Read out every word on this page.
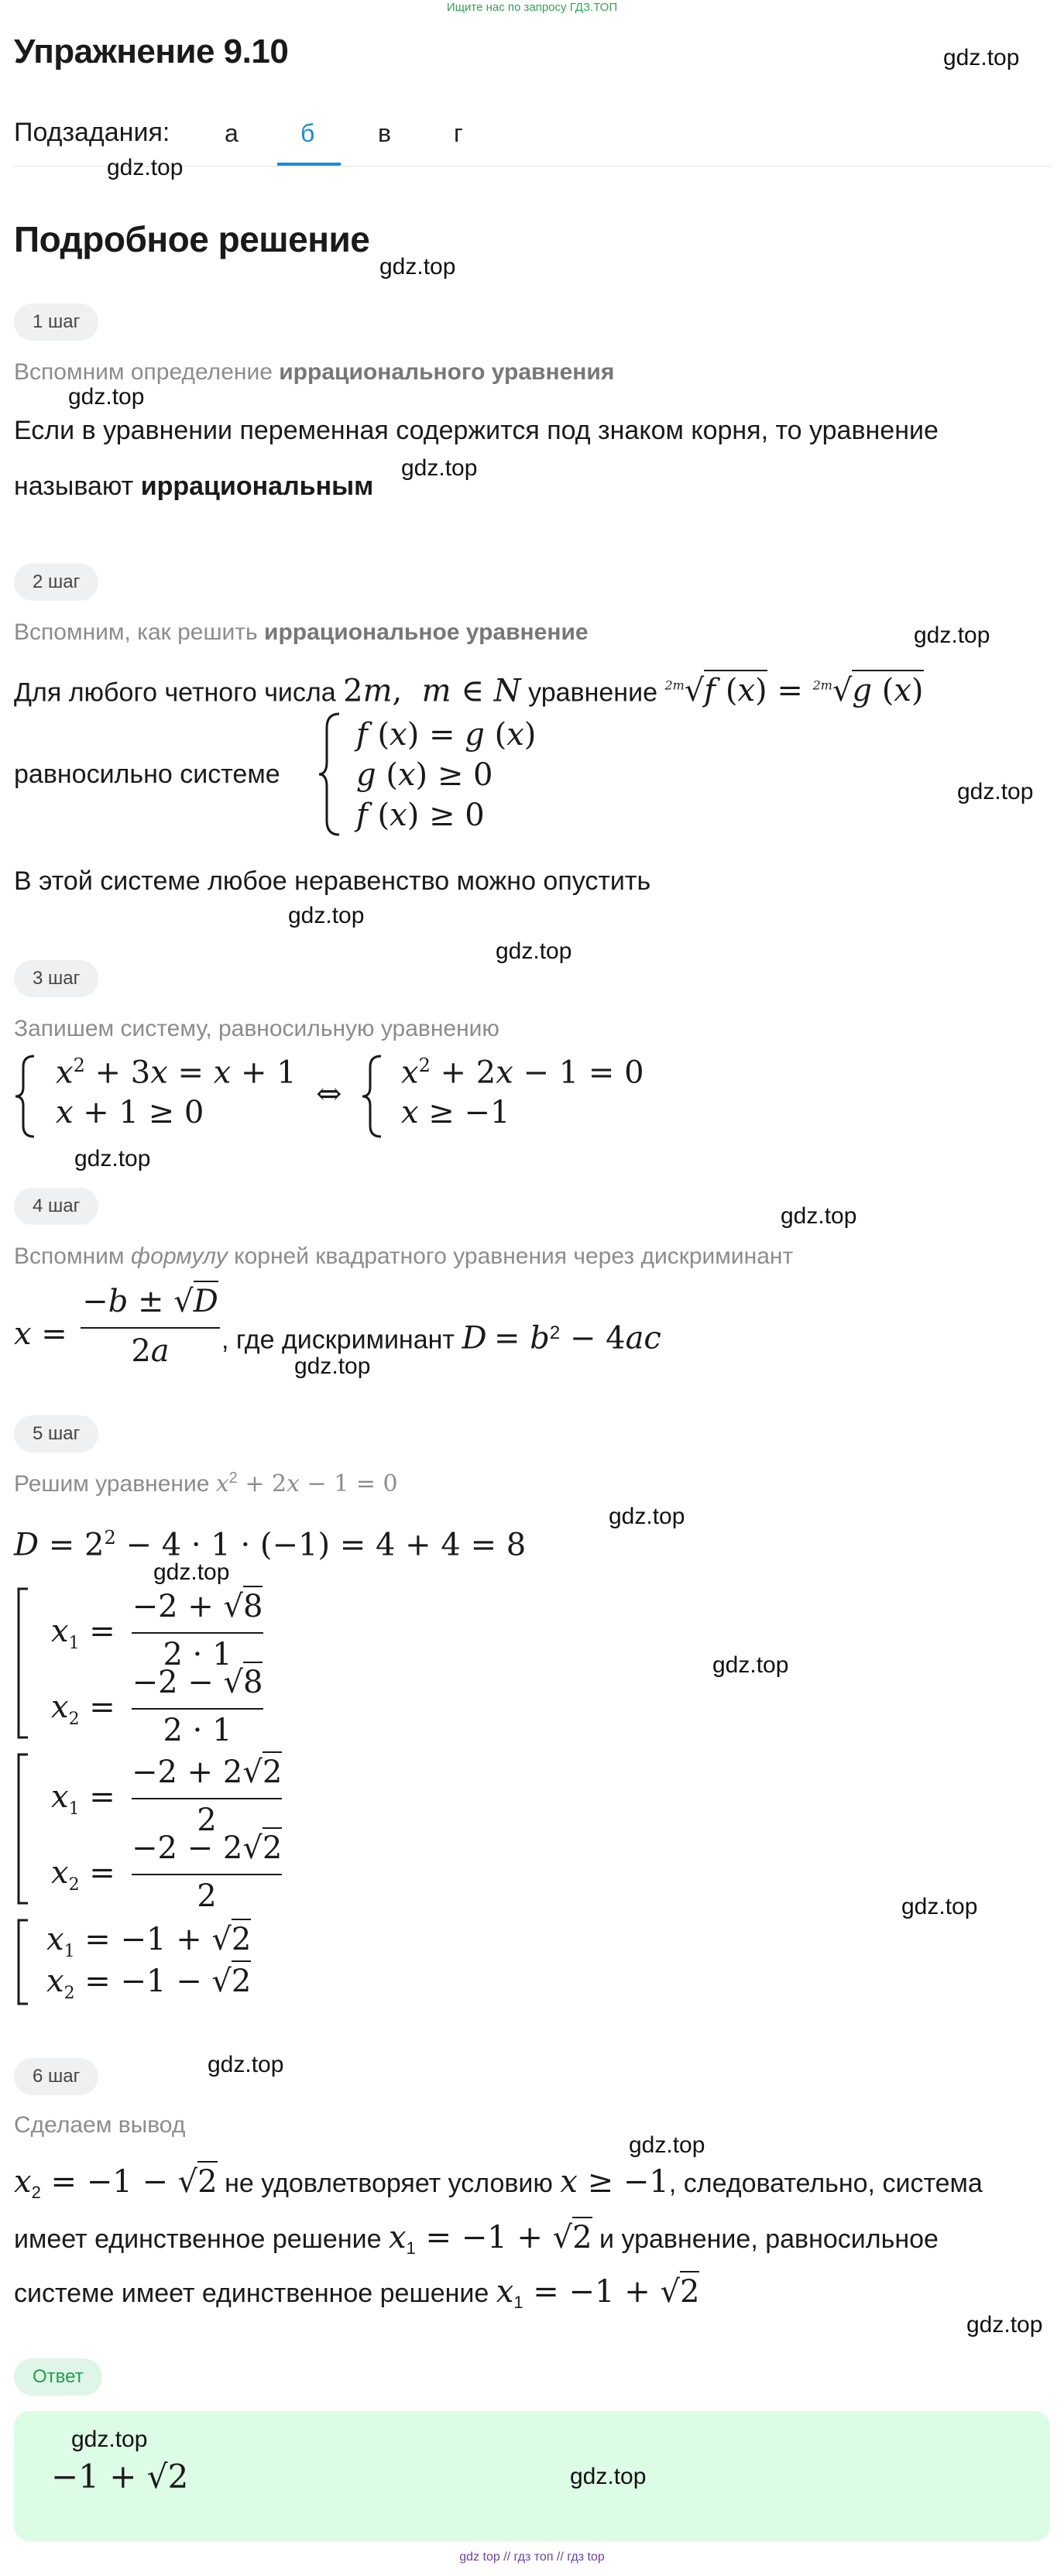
Ищите нас по запросу ГДЗ.ТОП
Упражнение 9.10	gdz.top
Подзадания: а	б	в	г
gdz.top
Подробное решение
gdz.top
1 шаг
Вспомним определение иррационального уравнения
gdz.top
Если в уравнении переменная содержится под знаком корня, то уравнение
называют иррациональным
gdz.top
2 шаг
Вспомним, как решить иррациональное уравнение	gdz.top
Для любого четного числа 2m,  m ∈ N уравнение $^{2m}$√f (x) = $^{2m}$√g (x)
равносильно системе
f (x) = g (x)
g (x) ≥ 0
f (x) ≥ 0
gdz.top
В этой системе любое неравенство можно опустить
gdz.top
gdz.top
3 шаг
Запишем систему, равносильную уравнению
$x^2 + 3x = x + 1$
x + 1 ≥ 0
⇔
$x^2 + 2x - 1 = 0$
x ≥ −1
gdz.top
4 шаг	gdz.top
Вспомним формулу корней квадратного уравнения через дискриминант
x =
−b ± √D
2a	, где дискриминант $D = b^2 - 4ac$
gdz.top
5 шаг
Решим уравнение $x^2 + 2x - 1 = 0$
gdz.top
$D = 2^2 - 4 \cdot 1 \cdot (-1) = 4 + 4 = 8$
gdz.top
$x_1$ =
−2 + √8
2 · 1
$x_2$ =
−2 − √8
2 · 1
gdz.top
$x_1$ =
−2 + 2√2
2
$x_2$ =
−2 − 2√2
2
$x_1 = -1 + √2$
$x_2 = -1 - √2$
gdz.top
6 шаг	gdz.top
Сделаем вывод
gdz.top
$x_2 = -1 - √2$ не удовлетворяет условию x ≥ −1, следовательно, система
имеет единственное решение $x_1 = -1 + √2$ и уравнение, равносильное
системе имеет единственное решение $x_1 = -1 + √2$
gdz.top
Ответ
gdz.top
−1 + √2	gdz.top
gdz top // гдз топ // гдз top
